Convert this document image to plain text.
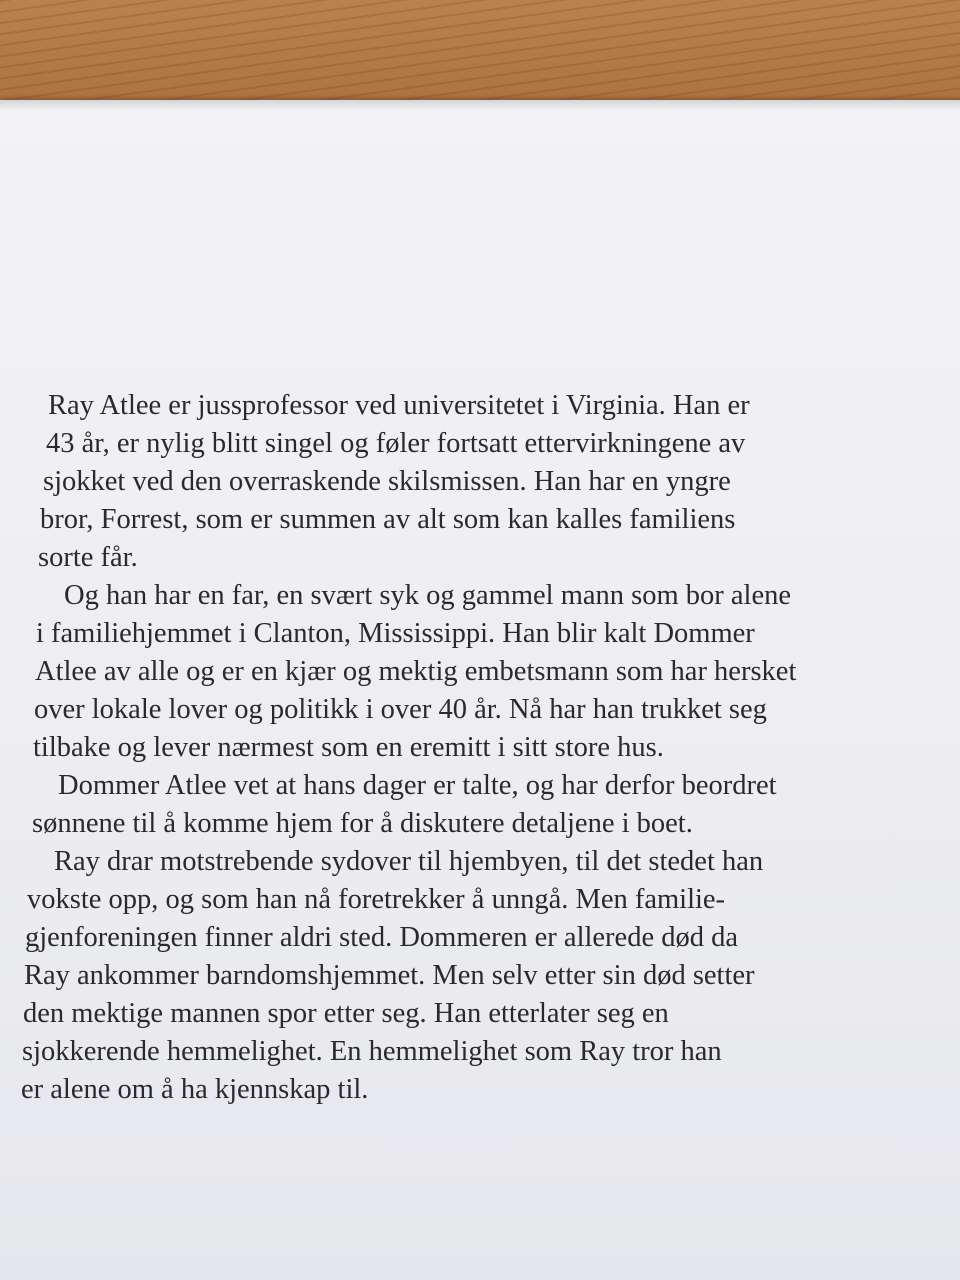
Ray Atlee er jussprofessor ved universitetet i Virginia. Han er
43 år, er nylig blitt singel og føler fortsatt ettervirkningene av
sjokket ved den overraskende skilsmissen. Han har en yngre
bror, Forrest, som er summen av alt som kan kalles familiens
sorte får.
Og han har en far, en svært syk og gammel mann som bor alene
i familiehjemmet i Clanton, Mississippi. Han blir kalt Dommer
Atlee av alle og er en kjær og mektig embetsmann som har hersket
over lokale lover og politikk i over 40 år. Nå har han trukket seg
tilbake og lever nærmest som en eremitt i sitt store hus.
Dommer Atlee vet at hans dager er talte, og har derfor beordret
sønnene til å komme hjem for å diskutere detaljene i boet.
Ray drar motstrebende sydover til hjembyen, til det stedet han
vokste opp, og som han nå foretrekker å unngå. Men familie-
gjenforeningen finner aldri sted. Dommeren er allerede død da
Ray ankommer barndomshjemmet. Men selv etter sin død setter
den mektige mannen spor etter seg. Han etterlater seg en
sjokkerende hemmelighet. En hemmelighet som Ray tror han
er alene om å ha kjennskap til.
